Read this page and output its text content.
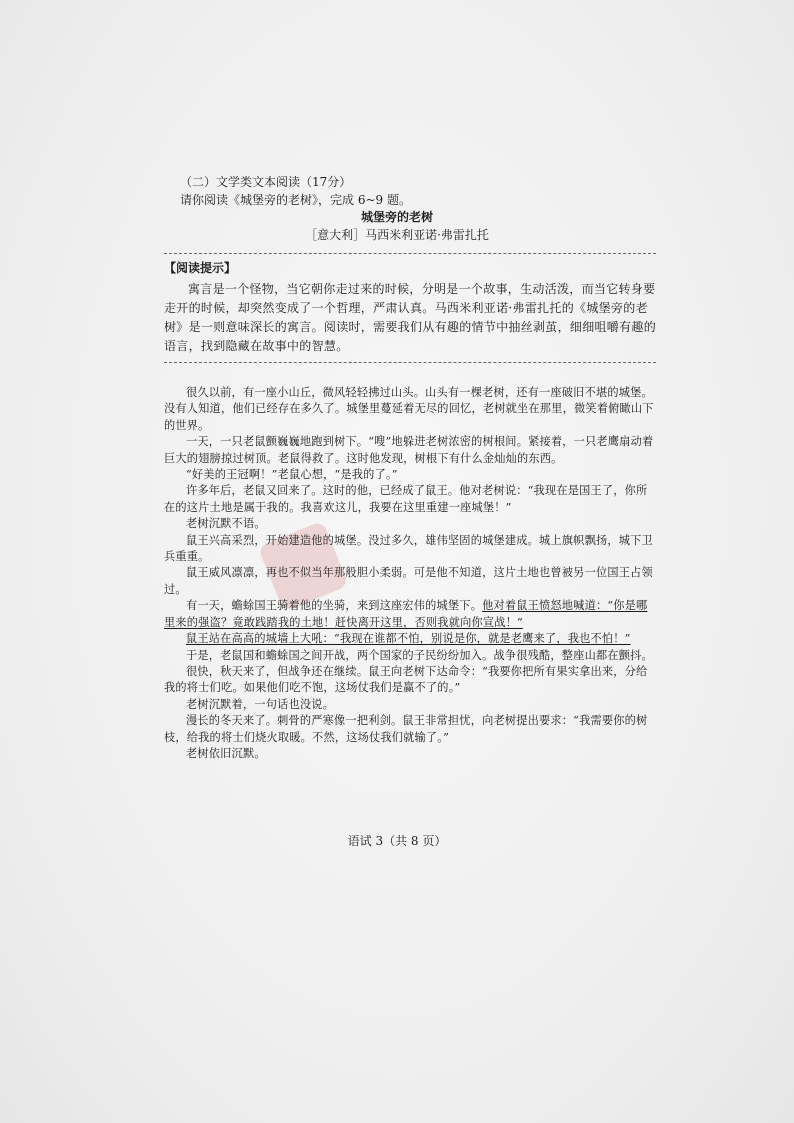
（二）文学类文本阅读（17分）
请你阅读《城堡旁的老树》，完成 6~9 题。
城堡旁的老树
［意大利］马西米利亚诺·弗雷扎托
【阅读提示】
寓言是一个怪物，当它朝你走过来的时候，分明是一个故事，生动活泼，而当它转身要走开的时候，却突然变成了一个哲理，严肃认真。马西米利亚诺·弗雷扎托的《城堡旁的老树》是一则意味深长的寓言。阅读时，需要我们从有趣的情节中抽丝剥茧，细细咀嚼有趣的语言，找到隐藏在故事中的智慧。

很久以前，有一座小山丘，微风轻轻拂过山头。山头有一棵老树，还有一座破旧不堪的城堡。没有人知道，他们已经存在多久了。城堡里蔓延着无尽的回忆，老树就坐在那里，微笑着俯瞰山下的世界。

一天，一只老鼠颤巍巍地跑到树下。“嗖”地躲进老树浓密的树根间。紧接着，一只老鹰扇动着巨大的翅膀掠过树顶。老鼠得救了。这时他发现，树根下有什么金灿灿的东西。

“好美的王冠啊！”老鼠心想，“是我的了。”

许多年后，老鼠又回来了。这时的他，已经成了鼠王。他对老树说：“我现在是国王了，你所在的这片土地是属于我的。我喜欢这儿，我要在这里重建一座城堡！”

老树沉默不语。

鼠王兴高采烈，开始建造他的城堡。没过多久，雄伟坚固的城堡建成。城上旗帜飘扬，城下卫兵重重。

鼠王威风凛凛，再也不似当年那般胆小柔弱。可是他不知道，这片土地也曾被另一位国王占领过。

有一天，蟾蜍国王骑着他的坐骑，来到这座宏伟的城堡下。他对着鼠王愤怒地喊道：“你是哪里来的强盗？竟敢践踏我的土地！赶快离开这里，否则我就向你宣战！”

鼠王站在高高的城墙上大吼：“我现在谁都不怕，别说是你，就是老鹰来了，我也不怕！”

于是，老鼠国和蟾蜍国之间开战，两个国家的子民纷纷加入。战争很残酷，整座山都在颤抖。

很快，秋天来了，但战争还在继续。鼠王向老树下达命令：“我要你把所有果实拿出来，分给我的将士们吃。如果他们吃不饱，这场仗我们是赢不了的。”

老树沉默着，一句话也没说。

漫长的冬天来了。刺骨的严寒像一把利剑。鼠王非常担忧，向老树提出要求：“我需要你的树枝，给我的将士们烧火取暖。不然，这场仗我们就输了。”

老树依旧沉默。

语试 3（共 8 页）
